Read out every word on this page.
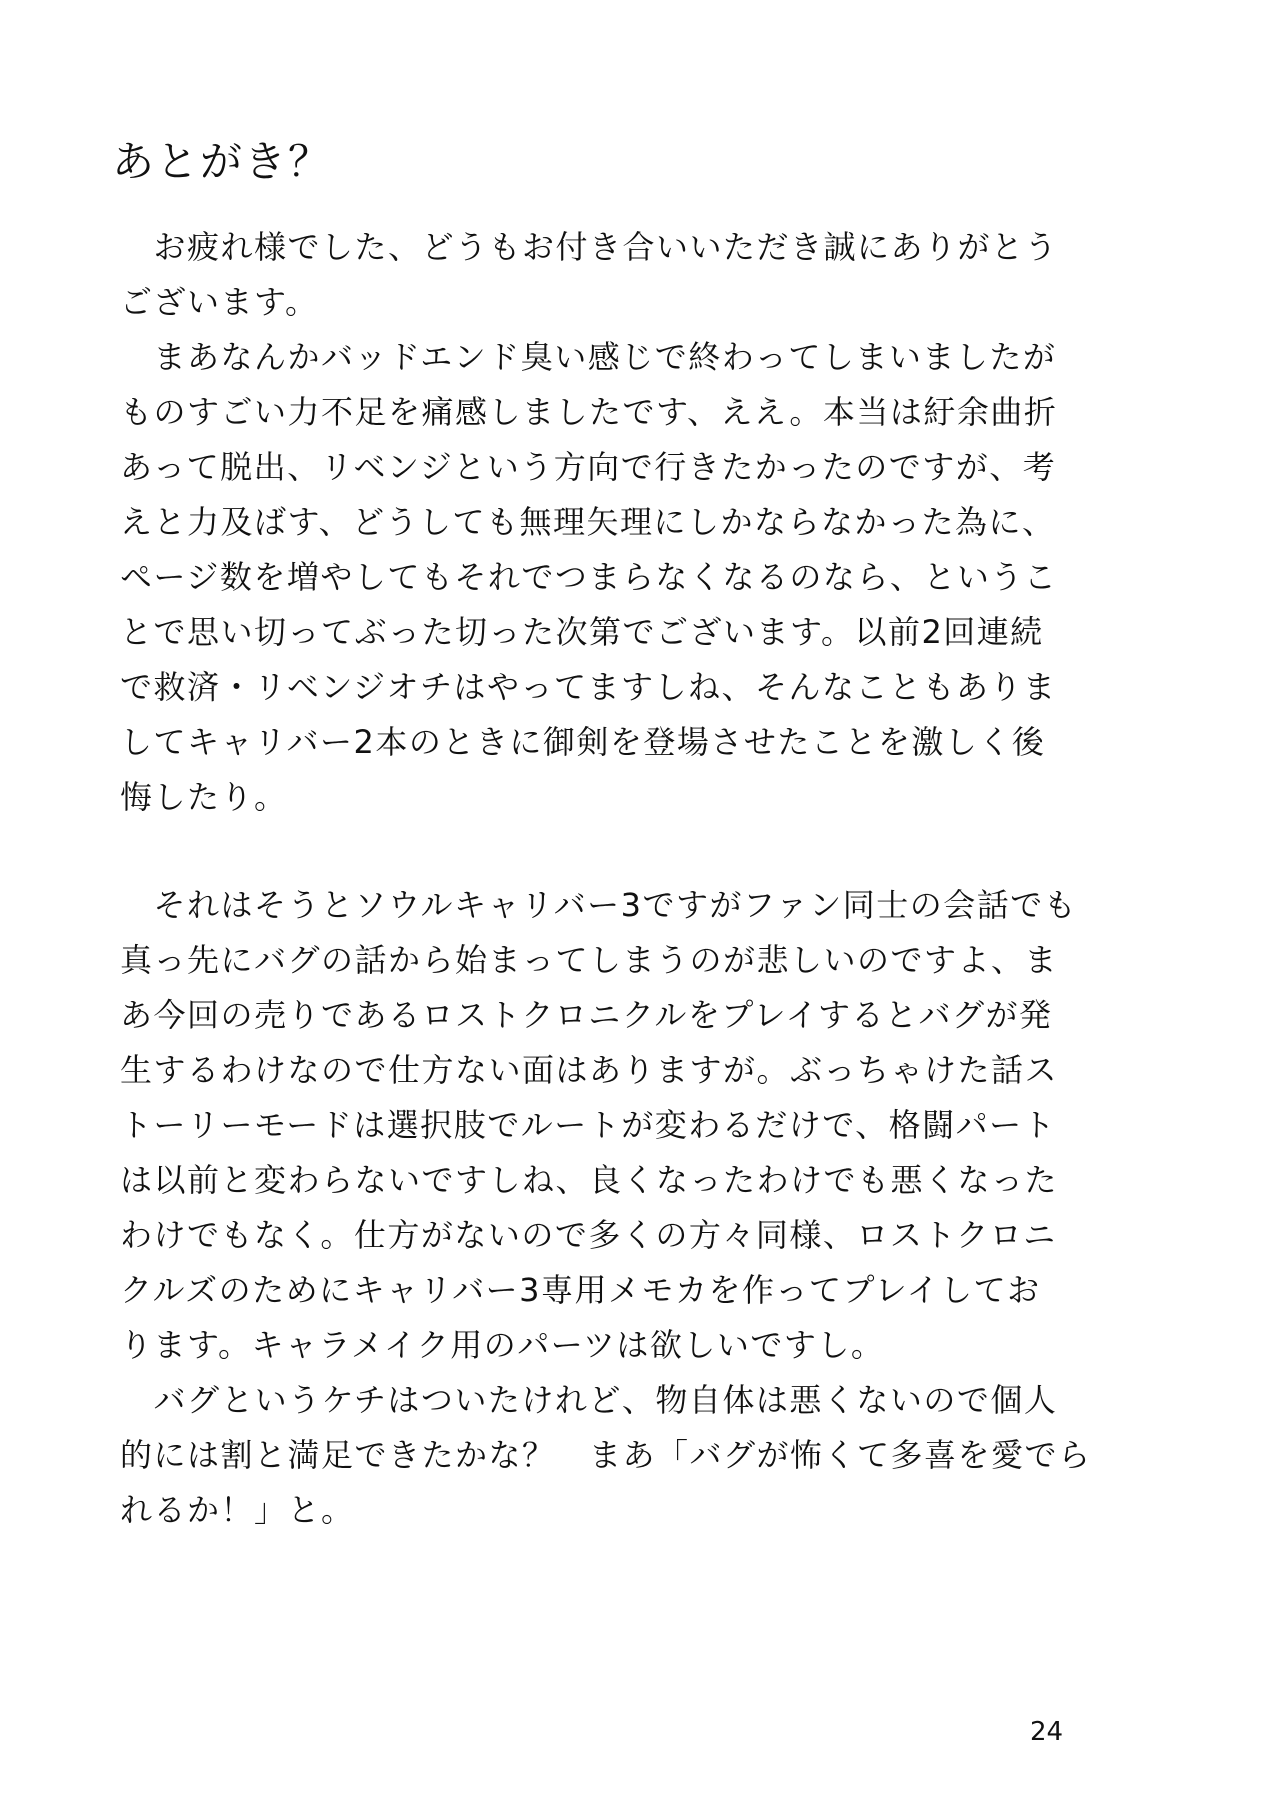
あとがき？
　お疲れ様でした、どうもお付き合いいただき誠にありがとう
ございます。
　まあなんかバッドエンド臭い感じで終わってしまいましたが
ものすごい力不足を痛感しましたです、ええ。本当は紆余曲折
あって脱出、リベンジという方向で行きたかったのですが、考
えと力及ばす、どうしても無理矢理にしかならなかった為に、
ページ数を増やしてもそれでつまらなくなるのなら、というこ
とで思い切ってぶった切った次第でございます。以前2回連続
で救済・リベンジオチはやってますしね、そんなこともありま
してキャリバー2本のときに御剣を登場させたことを激しく後
悔したり。
　それはそうとソウルキャリバー3ですがファン同士の会話でも
真っ先にバグの話から始まってしまうのが悲しいのですよ、ま
あ今回の売りであるロストクロニクルをプレイするとバグが発
生するわけなので仕方ない面はありますが。ぶっちゃけた話ス
トーリーモードは選択肢でルートが変わるだけで、格闘パート
は以前と変わらないですしね、良くなったわけでも悪くなった
わけでもなく。仕方がないので多くの方々同様、ロストクロニ
クルズのためにキャリバー3専用メモカを作ってプレイしてお
ります。キャラメイク用のパーツは欲しいですし。
　バグというケチはついたけれど、物自体は悪くないので個人
的には割と満足できたかな？　まあ「バグが怖くて多喜を愛でら
れるか！」と。
24
